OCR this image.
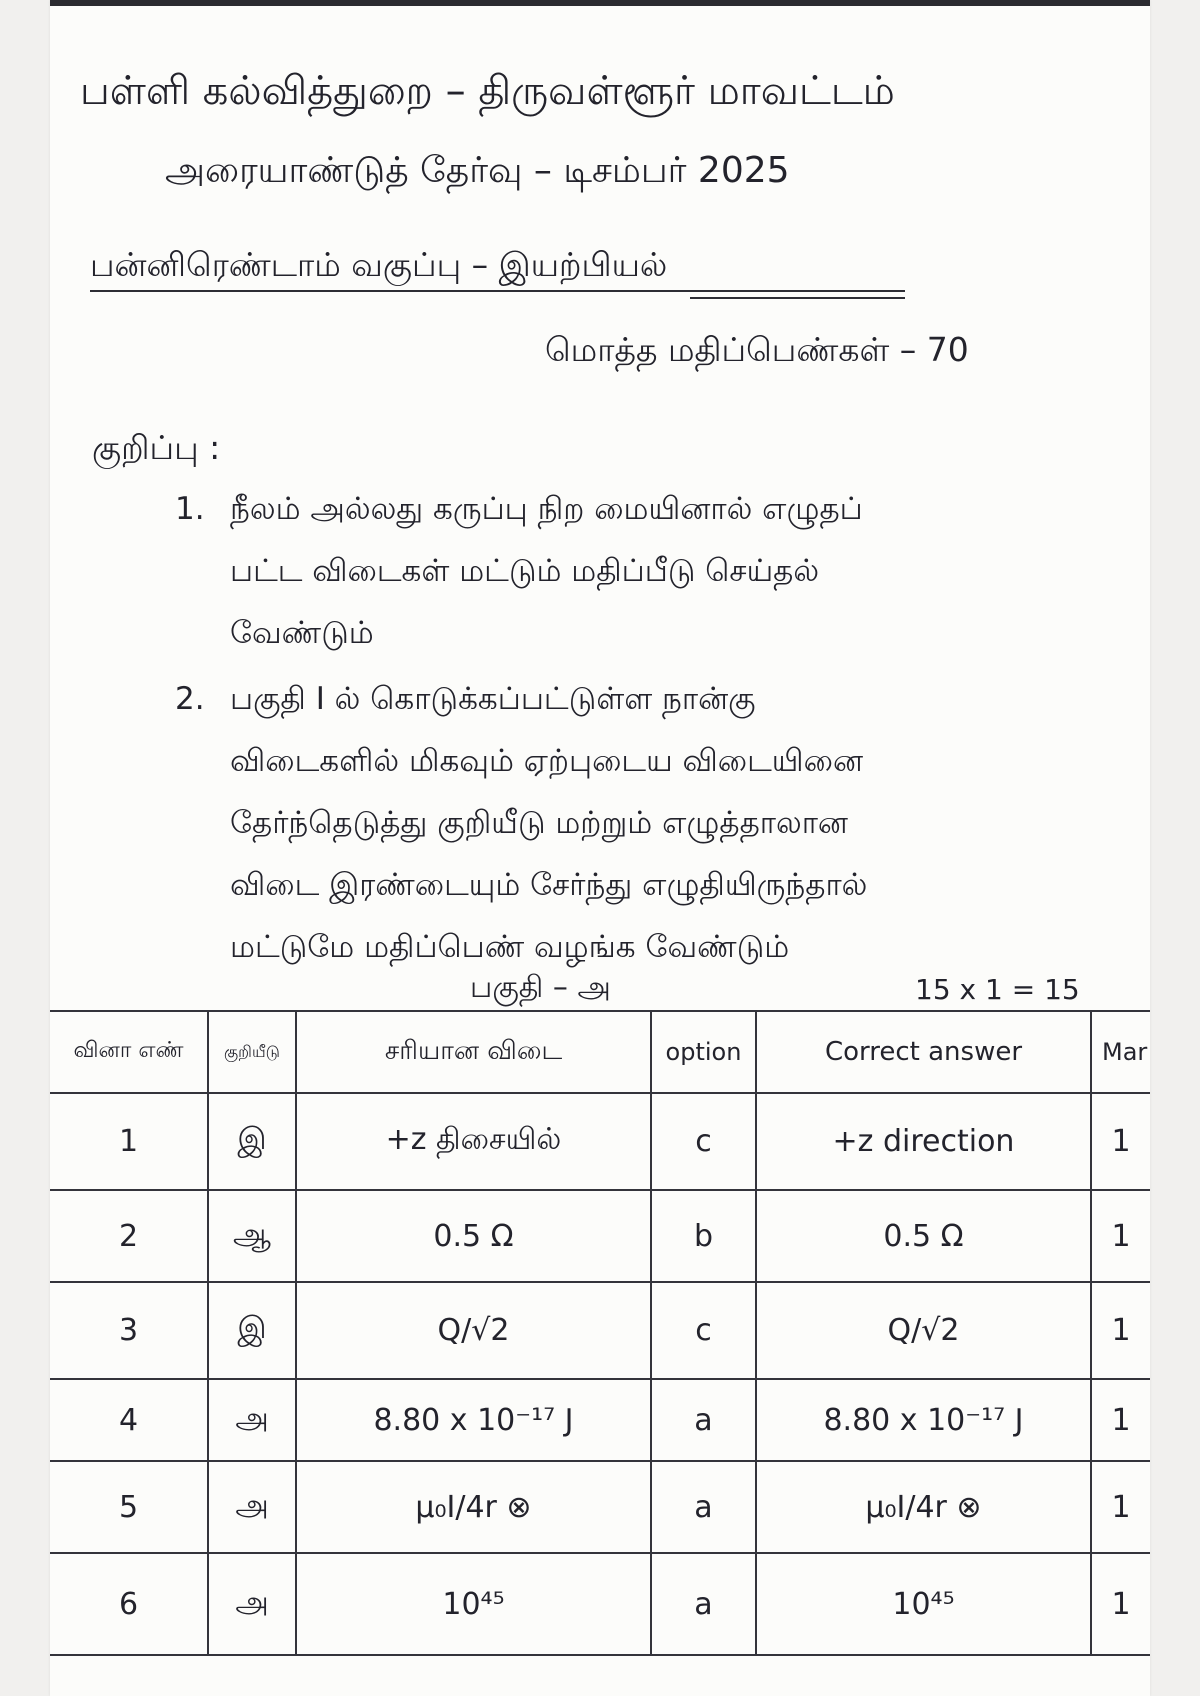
பள்ளி கல்வித்துறை – திருவள்ளூர் மாவட்டம்
அரையாண்டுத் தேர்வு – டிசம்பர் 2025
பன்னிரெண்டாம் வகுப்பு – இயற்பியல்
மொத்த மதிப்பெண்கள் – 70
குறிப்பு :
1. நீலம் அல்லது கருப்பு நிற மையினால் எழுதப்
பட்ட விடைகள் மட்டும் மதிப்பீடு செய்தல்
வேண்டும்
2. பகுதி I ல் கொடுக்கப்பட்டுள்ள நான்கு
விடைகளில் மிகவும் ஏற்புடைய விடையினை
தேர்ந்தெடுத்து குறியீடு மற்றும் எழுத்தாலான
விடை இரண்டையும் சேர்ந்து எழுதியிருந்தால்
மட்டுமே மதிப்பெண் வழங்க வேண்டும்
பகுதி – அ	15 x 1 = 15
வினா எண்	குறியீடு	சரியான விடை	option	Correct answer	Mar
1	இ	+z திசையில்	c	+z direction	1
2	ஆ	0.5 Ω	b	0.5 Ω	1
3	இ	Q/√2	c	Q/√2	1
4	அ	8.80 x 10⁻¹⁷ J	a	8.80 x 10⁻¹⁷ J	1
5	அ	μ₀I/4r ⊗	a	μ₀I/4r ⊗	1
6	அ	10⁴⁵	a	10⁴⁵	1
